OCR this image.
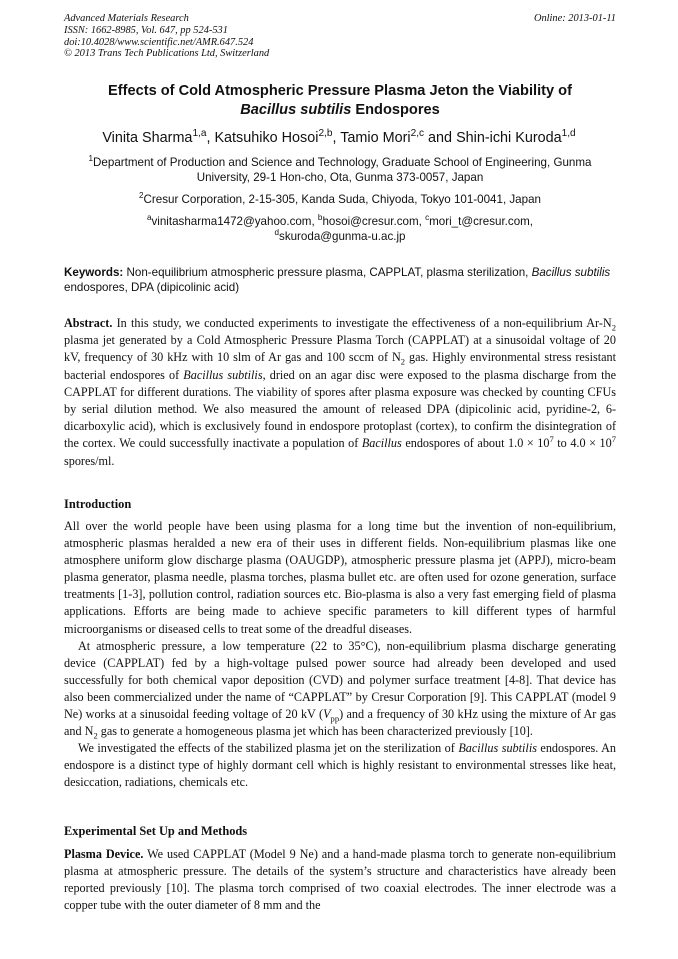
Advanced Materials Research
ISSN: 1662-8985, Vol. 647, pp 524-531
doi:10.4028/www.scientific.net/AMR.647.524
© 2013 Trans Tech Publications Ltd, Switzerland
Online: 2013-01-11
Effects of Cold Atmospheric Pressure Plasma Jeton the Viability of
Bacillus subtilis Endospores
Vinita Sharma$^{1,a}$, Katsuhiko Hosoi$^{2,b}$, Tamio Mori$^{2,c}$ and Shin-ichi Kuroda$^{1,d}$
$^1$Department of Production and Science and Technology, Graduate School of Engineering, Gunma University, 29-1 Hon-cho, Ota, Gunma 373-0057, Japan
$^2$Cresur Corporation, 2-15-305, Kanda Suda, Chiyoda, Tokyo 101-0041, Japan
$^a$vinitasharma1472@yahoo.com, $^b$hosoi@cresur.com, $^c$mori_t@cresur.com,
$^d$skuroda@gunma-u.ac.jp
Keywords: Non-equilibrium atmospheric pressure plasma, CAPPLAT, plasma sterilization, Bacillus subtilis endospores, DPA (dipicolinic acid)
Abstract. In this study, we conducted experiments to investigate the effectiveness of a non-equilibrium $Ar-N_2$ plasma jet generated by a Cold Atmospheric Pressure Plasma Torch (CAPPLAT) at a sinusoidal voltage of 20 kV, frequency of 30 kHz with 10 slm of Ar gas and 100 sccm of $N_2$ gas. Highly environmental stress resistant bacterial endospores of Bacillus subtilis, dried on an agar disc were exposed to the plasma discharge from the CAPPLAT for different durations. The viability of spores after plasma exposure was checked by counting CFUs by serial dilution method. We also measured the amount of released DPA (dipicolinic acid, pyridine-2, 6-dicarboxylic acid), which is exclusively found in endospore protoplast (cortex), to confirm the disintegration of the cortex. We could successfully inactivate a population of Bacillus endospores of about $1.0 \times 10^7$ to $4.0 \times 10^7$ spores/ml.
Introduction

All over the world people have been using plasma for a long time but the invention of non-equilibrium, atmospheric plasmas heralded a new era of their uses in different fields. Non-equilibrium plasmas like one atmosphere uniform glow discharge plasma (OAUGDP), atmospheric pressure plasma jet (APPJ), micro-beam plasma generator, plasma needle, plasma torches, plasma bullet etc. are often used for ozone generation, surface treatments [1-3], pollution control, radiation sources etc. Bio-plasma is also a very fast emerging field of plasma applications. Efforts are being made to achieve specific parameters to kill different types of harmful microorganisms or diseased cells to treat some of the dreadful diseases.

At atmospheric pressure, a low temperature (22 to 35°C), non-equilibrium plasma discharge generating device (CAPPLAT) fed by a high-voltage pulsed power source had already been developed and used successfully for both chemical vapor deposition (CVD) and polymer surface treatment [4-8]. That device has also been commercialized under the name of “CAPPLAT” by Cresur Corporation [9]. This CAPPLAT (model 9 Ne) works at a sinusoidal feeding voltage of 20 kV $(V_{pp})$ and a frequency of 30 kHz using the mixture of Ar gas and $N_2$ gas to generate a homogeneous plasma jet which has been characterized previously [10].

We investigated the effects of the stabilized plasma jet on the sterilization of Bacillus subtilis endospores. An endospore is a distinct type of highly dormant cell which is highly resistant to environmental stresses like heat, desiccation, radiations, chemicals etc.

Experimental Set Up and Methods

Plasma Device. We used CAPPLAT (Model 9 Ne) and a hand-made plasma torch to generate non-equilibrium plasma at atmospheric pressure. The details of the system’s structure and characteristics have already been reported previously [10]. The plasma torch comprised of two coaxial electrodes. The inner electrode was a copper tube with the outer diameter of 8 mm and the
